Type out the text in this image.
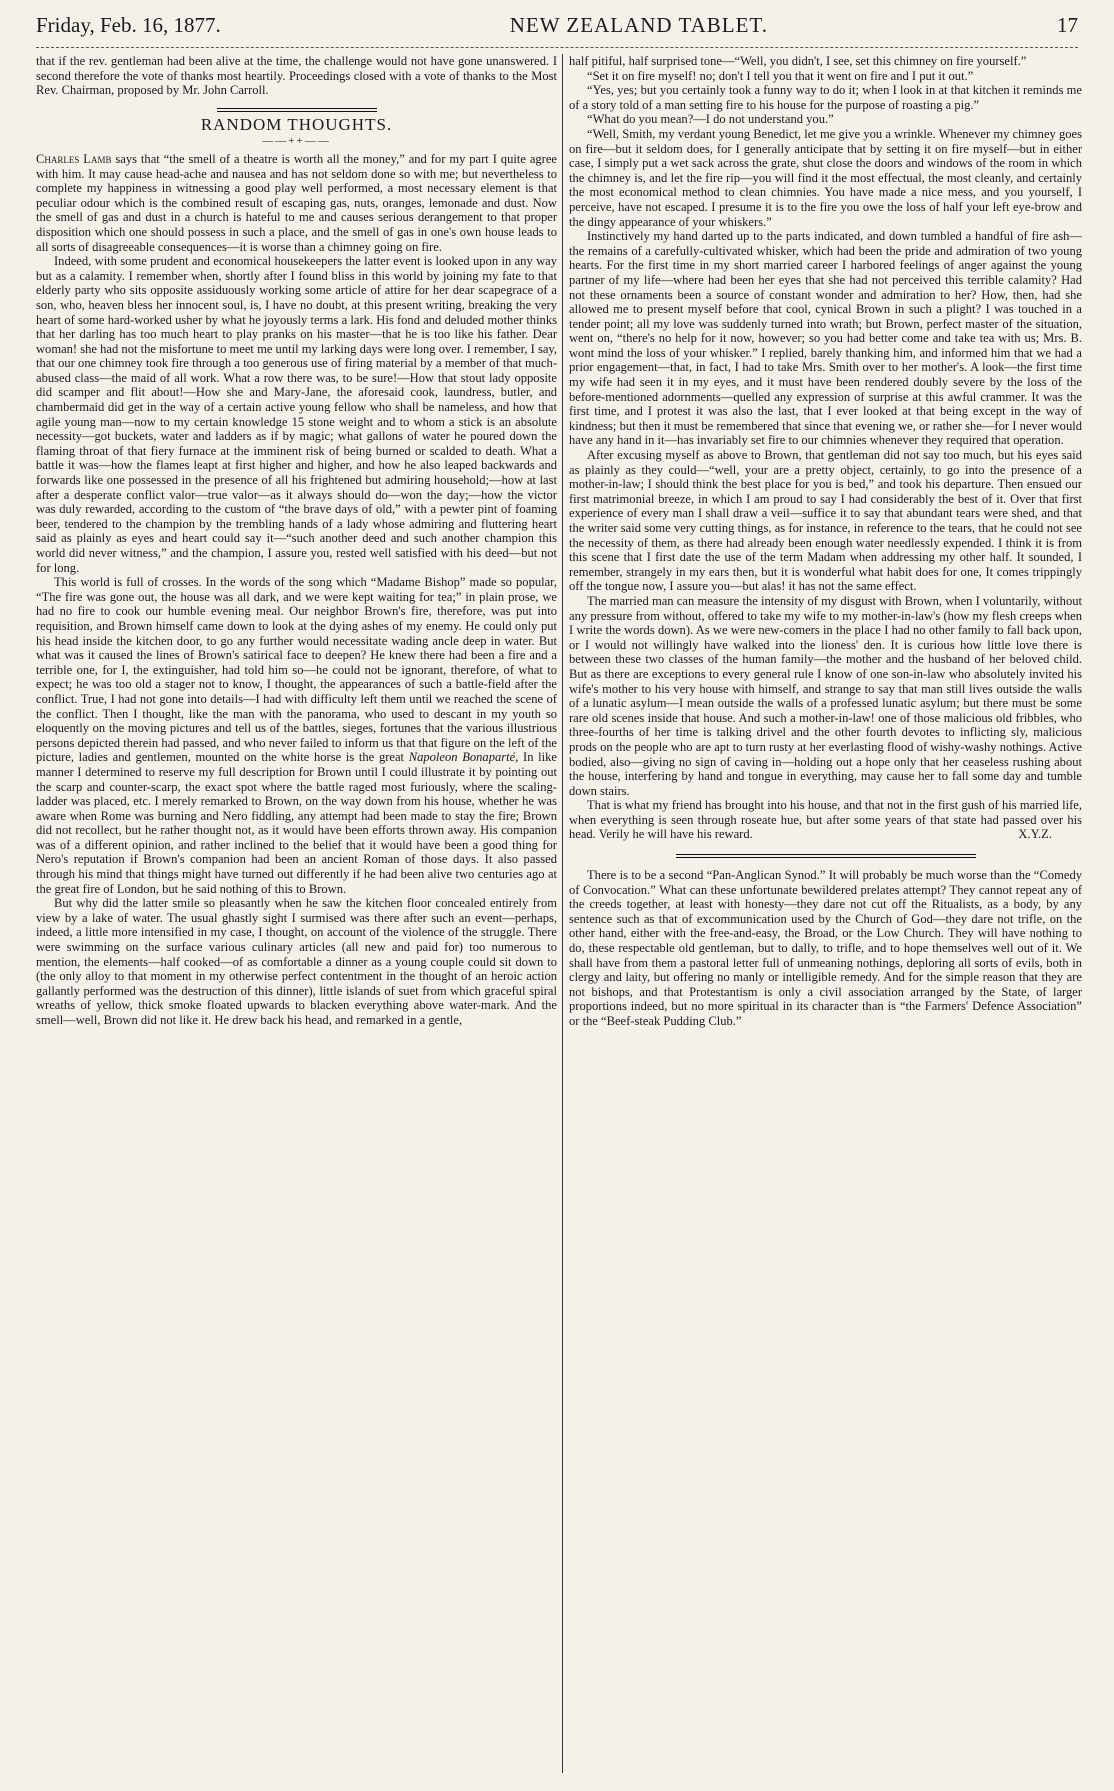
Friday, Feb. 16, 1877.	NEW ZEALAND TABLET.	17

that if the rev. gentleman had been alive at the time, the challenge would not have gone unanswered. I second therefore the vote of thanks most heartily. Proceedings closed with a vote of thanks to the Most Rev. Chairman, proposed by Mr. John Carroll.

RANDOM THOUGHTS.
——++——

Charles Lamb says that “the smell of a theatre is worth all the money,” and for my part I quite agree with him. It may cause head-ache and nausea and has not seldom done so with me; but nevertheless to complete my happiness in witnessing a good play well performed, a most necessary element is that peculiar odour which is the combined result of escaping gas, nuts, oranges, lemonade and dust. Now the smell of gas and dust in a church is hateful to me and causes serious derangement to that proper disposition which one should possess in such a place, and the smell of gas in one's own house leads to all sorts of disagreeable consequences—it is worse than a chimney going on fire.

Indeed, with some prudent and economical housekeepers the latter event is looked upon in any way but as a calamity. I remember when, shortly after I found bliss in this world by joining my fate to that elderly party who sits opposite assiduously working some article of attire for her dear scapegrace of a son, who, heaven bless her innocent soul, is, I have no doubt, at this present writing, breaking the very heart of some hard-worked usher by what he joyously terms a lark. His fond and deluded mother thinks that her darling has too much heart to play pranks on his master—that he is too like his father. Dear woman! she had not the misfortune to meet me until my larking days were long over. I remember, I say, that our one chimney took fire through a too generous use of firing material by a member of that much-abused class—the maid of all work. What a row there was, to be sure!—How that stout lady opposite did scamper and flit about!—How she and Mary-Jane, the aforesaid cook, laundress, butler, and chambermaid did get in the way of a certain active young fellow who shall be nameless, and how that agile young man—now to my certain knowledge 15 stone weight and to whom a stick is an absolute necessity—got buckets, water and ladders as if by magic; what gallons of water he poured down the flaming throat of that fiery furnace at the imminent risk of being burned or scalded to death. What a battle it was—how the flames leapt at first higher and higher, and how he also leaped backwards and forwards like one possessed in the presence of all his frightened but admiring household;—how at last after a desperate conflict valor—true valor—as it always should do—won the day;—how the victor was duly rewarded, according to the custom of “the brave days of old,” with a pewter pint of foaming beer, tendered to the champion by the trembling hands of a lady whose admiring and fluttering heart said as plainly as eyes and heart could say it—“such another deed and such another champion this world did never witness,” and the champion, I assure you, rested well satisfied with his deed—but not for long.

This world is full of crosses. In the words of the song which “Madame Bishop” made so popular, “The fire was gone out, the house was all dark, and we were kept waiting for tea;” in plain prose, we had no fire to cook our humble evening meal. Our neighbor Brown's fire, therefore, was put into requisition, and Brown himself came down to look at the dying ashes of my enemy. He could only put his head inside the kitchen door, to go any further would necessitate wading ancle deep in water. But what was it caused the lines of Brown's satirical face to deepen? He knew there had been a fire and a terrible one, for I, the extinguisher, had told him so—he could not be ignorant, therefore, of what to expect; he was too old a stager not to know, I thought, the appearances of such a battle-field after the conflict. True, I had not gone into details—I had with difficulty left them until we reached the scene of the conflict. Then I thought, like the man with the panorama, who used to descant in my youth so eloquently on the moving pictures and tell us of the battles, sieges, fortunes that the various illustrious persons depicted therein had passed, and who never failed to inform us that that figure on the left of the picture, ladies and gentlemen, mounted on the white horse is the great Napoleon Bonaparté, In like manner I determined to reserve my full description for Brown until I could illustrate it by pointing out the scarp and counter-scarp, the exact spot where the battle raged most furiously, where the scaling-ladder was placed, etc. I merely remarked to Brown, on the way down from his house, whether he was aware when Rome was burning and Nero fiddling, any attempt had been made to stay the fire; Brown did not recollect, but he rather thought not, as it would have been efforts thrown away. His companion was of a different opinion, and rather inclined to the belief that it would have been a good thing for Nero's reputation if Brown's companion had been an ancient Roman of those days. It also passed through his mind that things might have turned out differently if he had been alive two centuries ago at the great fire of London, but he said nothing of this to Brown.

But why did the latter smile so pleasantly when he saw the kitchen floor concealed entirely from view by a lake of water. The usual ghastly sight I surmised was there after such an event—perhaps, indeed, a little more intensified in my case, I thought, on account of the violence of the struggle. There were swimming on the surface various culinary articles (all new and paid for) too numerous to mention, the elements—half cooked—of as comfortable a dinner as a young couple could sit down to (the only alloy to that moment in my otherwise perfect contentment in the thought of an heroic action gallantly performed was the destruction of this dinner), little islands of suet from which graceful spiral wreaths of yellow, thick smoke floated upwards to blacken everything above water-mark. And the smell—well, Brown did not like it. He drew back his head, and remarked in a gentle,

half pitiful, half surprised tone—“Well, you didn't, I see, set this chimney on fire yourself.”

“Set it on fire myself! no; don't I tell you that it went on fire and I put it out.”

“Yes, yes; but you certainly took a funny way to do it; when I look in at that kitchen it reminds me of a story told of a man setting fire to his house for the purpose of roasting a pig.”

“What do you mean?—I do not understand you.”

“Well, Smith, my verdant young Benedict, let me give you a wrinkle. Whenever my chimney goes on fire—but it seldom does, for I generally anticipate that by setting it on fire myself—but in either case, I simply put a wet sack across the grate, shut close the doors and windows of the room in which the chimney is, and let the fire rip—you will find it the most effectual, the most cleanly, and certainly the most economical method to clean chimnies. You have made a nice mess, and you yourself, I perceive, have not escaped. I presume it is to the fire you owe the loss of half your left eye-brow and the dingy appearance of your whiskers.”

Instinctively my hand darted up to the parts indicated, and down tumbled a handful of fire ash—the remains of a carefully-cultivated whisker, which had been the pride and admiration of two young hearts. For the first time in my short married career I harbored feelings of anger against the young partner of my life—where had been her eyes that she had not perceived this terrible calamity? Had not these ornaments been a source of constant wonder and admiration to her? How, then, had she allowed me to present myself before that cool, cynical Brown in such a plight? I was touched in a tender point; all my love was suddenly turned into wrath; but Brown, perfect master of the situation, went on, “there's no help for it now, however; so you had better come and take tea with us; Mrs. B. wont mind the loss of your whisker.” I replied, barely thanking him, and informed him that we had a prior engagement—that, in fact, I had to take Mrs. Smith over to her mother's. A look—the first time my wife had seen it in my eyes, and it must have been rendered doubly severe by the loss of the before-mentioned adornments—quelled any expression of surprise at this awful crammer. It was the first time, and I protest it was also the last, that I ever looked at that being except in the way of kindness; but then it must be remembered that since that evening we, or rather she—for I never would have any hand in it—has invariably set fire to our chimnies whenever they required that operation.

After excusing myself as above to Brown, that gentleman did not say too much, but his eyes said as plainly as they could—“well, your are a pretty object, certainly, to go into the presence of a mother-in-law; I should think the best place for you is bed,” and took his departure. Then ensued our first matrimonial breeze, in which I am proud to say I had considerably the best of it. Over that first experience of every man I shall draw a veil—suffice it to say that abundant tears were shed, and that the writer said some very cutting things, as for instance, in reference to the tears, that he could not see the necessity of them, as there had already been enough water needlessly expended. I think it is from this scene that I first date the use of the term Madam when addressing my other half. It sounded, I remember, strangely in my ears then, but it is wonderful what habit does for one, It comes trippingly off the tongue now, I assure you—but alas! it has not the same effect.

The married man can measure the intensity of my disgust with Brown, when I voluntarily, without any pressure from without, offered to take my wife to my mother-in-law's (how my flesh creeps when I write the words down). As we were new-comers in the place I had no other family to fall back upon, or I would not willingly have walked into the lioness' den. It is curious how little love there is between these two classes of the human family—the mother and the husband of her beloved child. But as there are exceptions to every general rule I know of one son-in-law who absolutely invited his wife's mother to his very house with himself, and strange to say that man still lives outside the walls of a lunatic asylum—I mean outside the walls of a professed lunatic asylum; but there must be some rare old scenes inside that house. And such a mother-in-law! one of those malicious old fribbles, who three-fourths of her time is talking drivel and the other fourth devotes to inflicting sly, malicious prods on the people who are apt to turn rusty at her everlasting flood of wishy-washy nothings. Active bodied, also—giving no sign of caving in—holding out a hope only that her ceaseless rushing about the house, interfering by hand and tongue in everything, may cause her to fall some day and tumble down stairs.

That is what my friend has brought into his house, and that not in the first gush of his married life, when everything is seen through roseate hue, but after some years of that state had passed over his head. Verily he will have his reward.	X.Y.Z.

There is to be a second “Pan-Anglican Synod.” It will probably be much worse than the “Comedy of Convocation.” What can these unfortunate bewildered prelates attempt? They cannot repeat any of the creeds together, at least with honesty—they dare not cut off the Ritualists, as a body, by any sentence such as that of excommunication used by the Church of God—they dare not trifle, on the other hand, either with the free-and-easy, the Broad, or the Low Church. They will have nothing to do, these respectable old gentleman, but to dally, to trifle, and to hope themselves well out of it. We shall have from them a pastoral letter full of unmeaning nothings, deploring all sorts of evils, both in clergy and laity, but offering no manly or intelligible remedy. And for the simple reason that they are not bishops, and that Protestantism is only a civil association arranged by the State, of larger proportions indeed, but no more spiritual in its character than is “the Farmers' Defence Association” or the “Beef-steak Pudding Club.”
